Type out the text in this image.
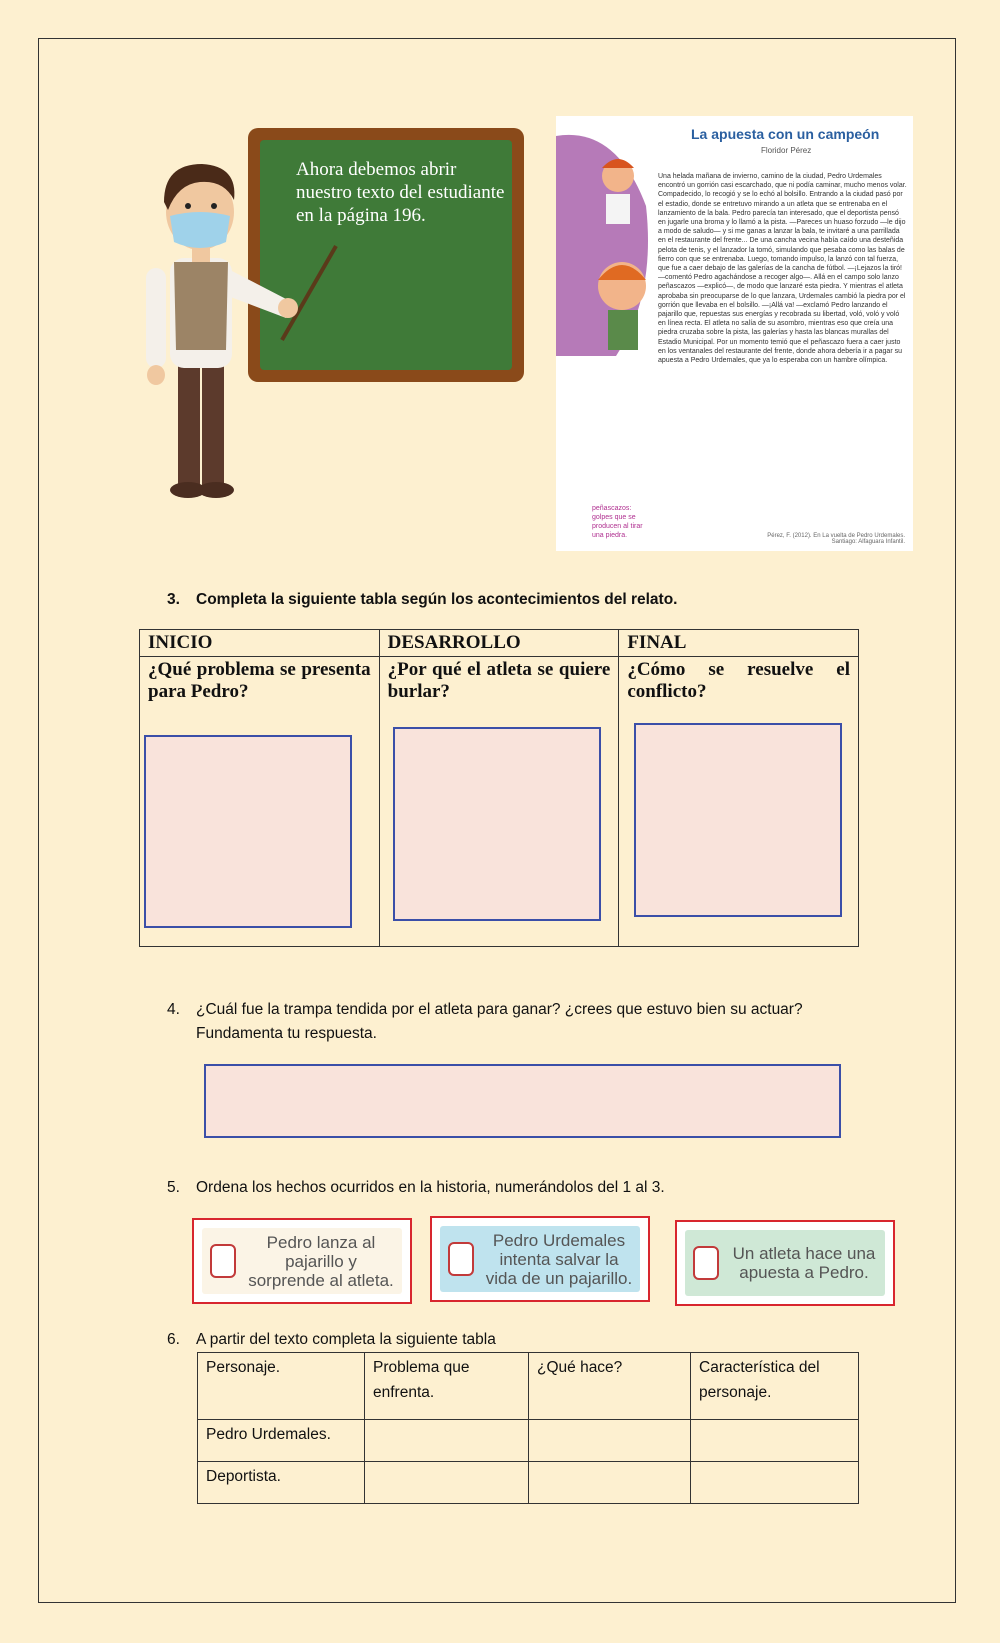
Ahora debemos abrir nuestro texto del estudiante en la página 196.
La apuesta con un campeón
Floridor Pérez
Una helada mañana de invierno, camino de la ciudad, Pedro Urdemales encontró un gorrión casi escarchado, que ni podía caminar, mucho menos volar. Compadecido, lo recogió y se lo echó al bolsillo. Entrando a la ciudad pasó por el estadio, donde se entretuvo mirando a un atleta que se entrenaba en el lanzamiento de la bala. Pedro parecía tan interesado, que el deportista pensó en jugarle una broma y lo llamó a la pista. —Pareces un huaso forzudo —le dijo a modo de saludo— y si me ganas a lanzar la bala, te invitaré a una parrillada en el restaurante del frente... De una cancha vecina había caído una desteñida pelota de tenis, y el lanzador la tomó, simulando que pesaba como las balas de fierro con que se entrenaba. Luego, tomando impulso, la lanzó con tal fuerza, que fue a caer debajo de las galerías de la cancha de fútbol. —¡Lejazos la tiró! —comentó Pedro agachándose a recoger algo—. Allá en el campo solo lanzo peñascazos —explicó—, de modo que lanzaré esta piedra. Y mientras el atleta aprobaba sin preocuparse de lo que lanzara, Urdemales cambió la piedra por el gorrión que llevaba en el bolsillo. —¡Allá va! —exclamó Pedro lanzando el pajarillo que, repuestas sus energías y recobrada su libertad, voló, voló y voló en línea recta. El atleta no salía de su asombro, mientras eso que creía una piedra cruzaba sobre la pista, las galerías y hasta las blancas murallas del Estadio Municipal. Por un momento temió que el peñascazo fuera a caer justo en los ventanales del restaurante del frente, donde ahora debería ir a pagar su apuesta a Pedro Urdemales, que ya lo esperaba con un hambre olímpica.
peñascazos: golpes que se producen al tirar una piedra.	Pérez, F. (2012). En La vuelta de Pedro Urdemales. Santiago: Alfaguara Infantil.
3. Completa la siguiente tabla según los acontecimientos del relato.
INICIO	DESARROLLO	FINAL

¿Qué problema se presenta para Pedro?	¿Por qué el atleta se quiere burlar?	¿Cómo se resuelve el conflicto?
4.	¿Cuál fue la trampa tendida por el atleta para ganar? ¿crees que estuvo bien su actuar? Fundamenta tu respuesta.
5. Ordena los hechos ocurridos en la historia, numerándolos del 1 al 3.
Pedro lanza al pajarillo y sorprende al atleta.
Pedro Urdemales intenta salvar la vida de un pajarillo.
Un atleta hace una apuesta a Pedro.
6. A partir del texto completa la siguiente tabla
Personaje.	Problema que enfrenta.	¿Qué hace?	Característica del personaje.
Pedro Urdemales.			
Deportista.			
